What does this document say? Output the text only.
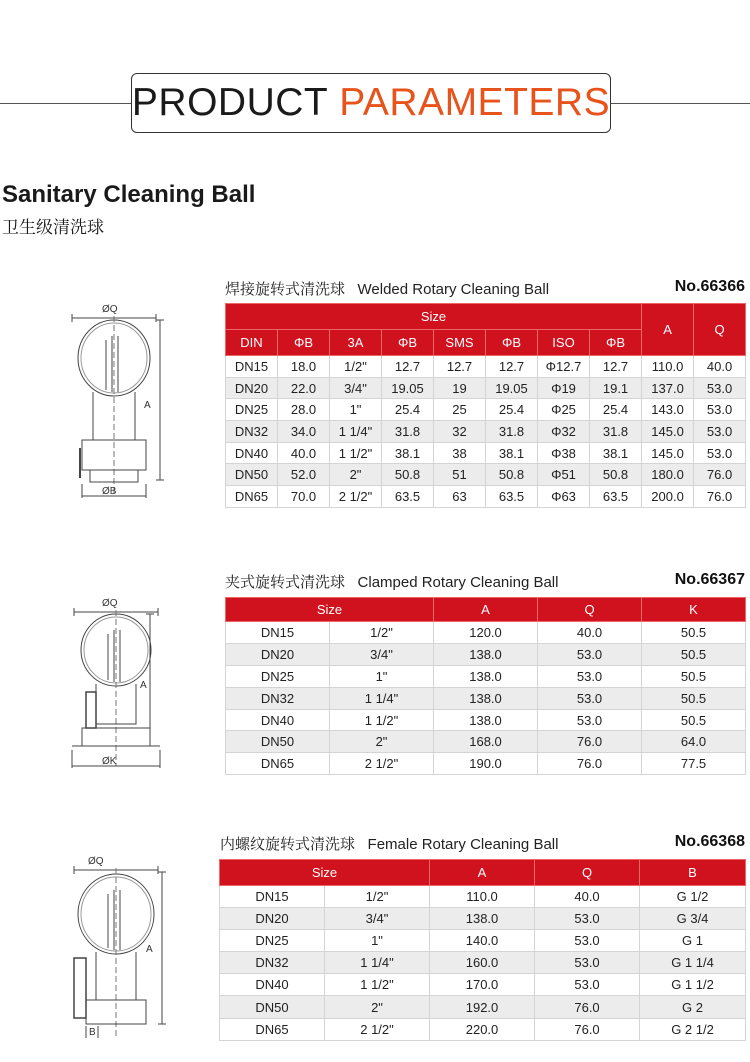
PRODUCT PARAMETERS
Sanitary Cleaning Ball
卫生级清洗球
焊接旋转式清洗球 Welded Rotary Cleaning Ball	No.66366
ØQ
A
ØB
Size								A	Q
DIN	ΦB	3A	ΦB	SMS	ΦB	ISO	ΦB		
DN15	18.0	1/2"	12.7	12.7	12.7	Φ12.7	12.7	110.0	40.0
DN20	22.0	3/4"	19.05	19	19.05	Φ19	19.1	137.0	53.0
DN25	28.0	1"	25.4	25	25.4	Φ25	25.4	143.0	53.0
DN32	34.0	1 1/4"	31.8	32	31.8	Φ32	31.8	145.0	53.0
DN40	40.0	1 1/2"	38.1	38	38.1	Φ38	38.1	145.0	53.0
DN50	52.0	2"	50.8	51	50.8	Φ51	50.8	180.0	76.0
DN65	70.0	2 1/2"	63.5	63	63.5	Φ63	63.5	200.0	76.0
夹式旋转式清洗球 Clamped Rotary Cleaning Ball	No.66367
ØQ
A
ØK
Size		A	Q	K
DN15	1/2"	120.0	40.0	50.5
DN20	3/4"	138.0	53.0	50.5
DN25	1"	138.0	53.0	50.5
DN32	1 1/4"	138.0	53.0	50.5
DN40	1 1/2"	138.0	53.0	50.5
DN50	2"	168.0	76.0	64.0
DN65	2 1/2"	190.0	76.0	77.5
内螺纹旋转式清洗球 Female Rotary Cleaning Ball	No.66368
ØQ
A
B
Size		A	Q	B
DN15	1/2"	110.0	40.0	G 1/2
DN20	3/4"	138.0	53.0	G 3/4
DN25	1"	140.0	53.0	G 1
DN32	1 1/4"	160.0	53.0	G 1 1/4
DN40	1 1/2"	170.0	53.0	G 1 1/2
DN50	2"	192.0	76.0	G 2
DN65	2 1/2"	220.0	76.0	G 2 1/2
